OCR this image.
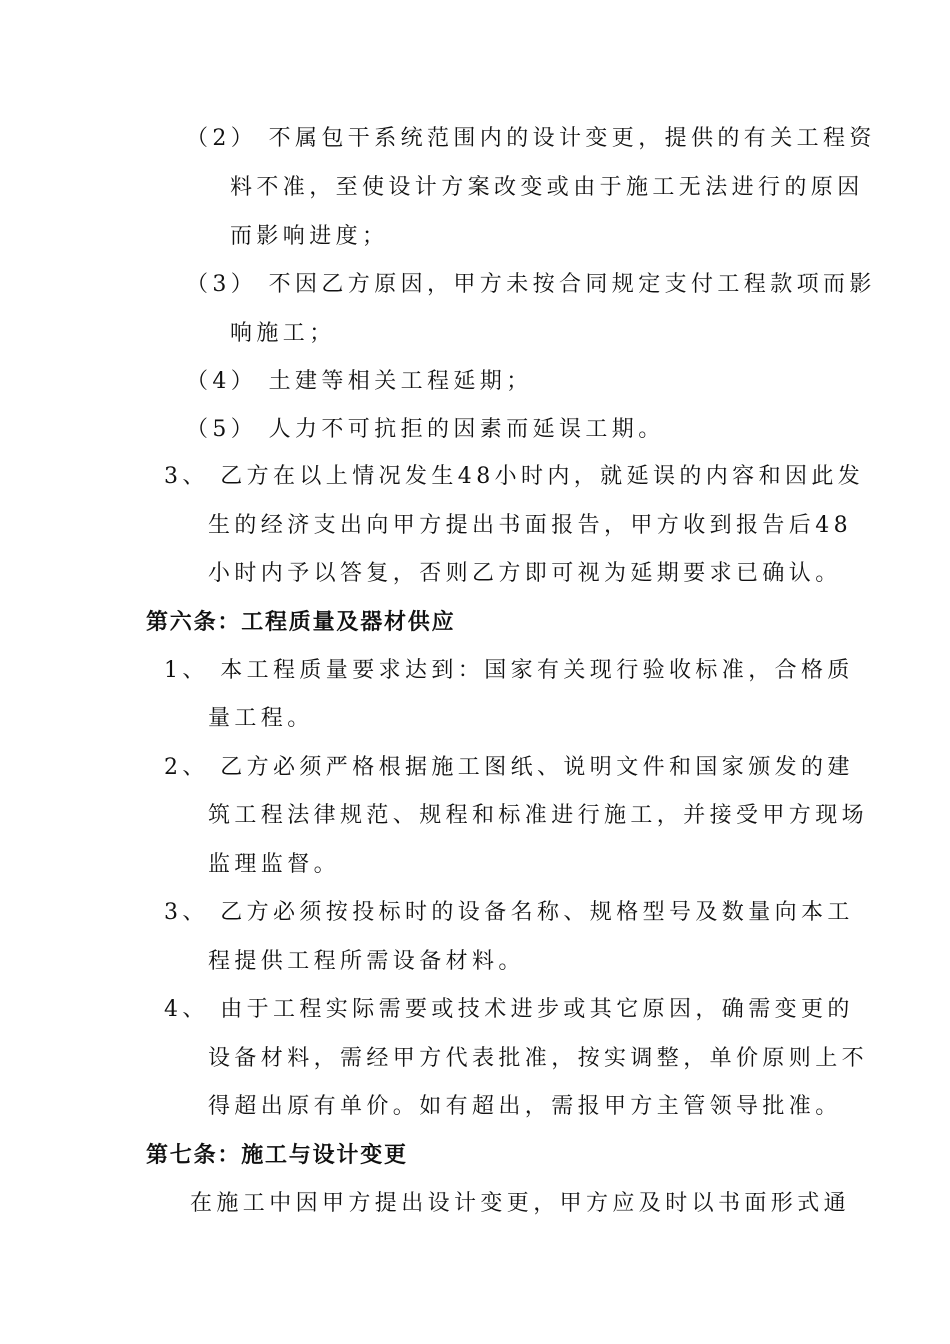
（2） 不属包干系统范围内的设计变更，提供的有关工程资
料不准，至使设计方案改变或由于施工无法进行的原因
而影响进度；
（3） 不因乙方原因，甲方未按合同规定支付工程款项而影
响施工；
（4） 土建等相关工程延期；
（5） 人力不可抗拒的因素而延误工期。
3、 乙方在以上情况发生48小时内，就延误的内容和因此发
生的经济支出向甲方提出书面报告，甲方收到报告后48
小时内予以答复，否则乙方即可视为延期要求已确认。
第六条：工程质量及器材供应
1、 本工程质量要求达到：国家有关现行验收标准，合格质
量工程。
2、 乙方必须严格根据施工图纸、说明文件和国家颁发的建
筑工程法律规范、规程和标准进行施工，并接受甲方现场
监理监督。
3、 乙方必须按投标时的设备名称、规格型号及数量向本工
程提供工程所需设备材料。
4、 由于工程实际需要或技术进步或其它原因，确需变更的
设备材料，需经甲方代表批准，按实调整，单价原则上不
得超出原有单价。如有超出，需报甲方主管领导批准。
第七条：施工与设计变更
在施工中因甲方提出设计变更，甲方应及时以书面形式通
